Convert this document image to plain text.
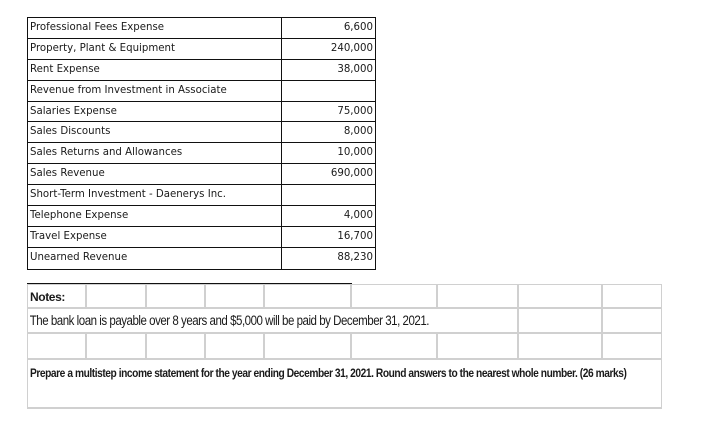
Professional Fees Expense	6,600
Property, Plant & Equipment	240,000
Rent Expense	38,000
Revenue from Investment in Associate
Salaries Expense	75,000
Sales Discounts	8,000
Sales Returns and Allowances	10,000
Sales Revenue	690,000
Short-Term Investment - Daenerys Inc.
Telephone Expense	4,000
Travel Expense	16,700
Unearned Revenue	88,230
Notes:
The bank loan is payable over 8 years and $5,000 will be paid by December 31, 2021.
Prepare a multistep income statement for the year ending December 31, 2021. Round answers to the nearest whole number. (26 marks)
